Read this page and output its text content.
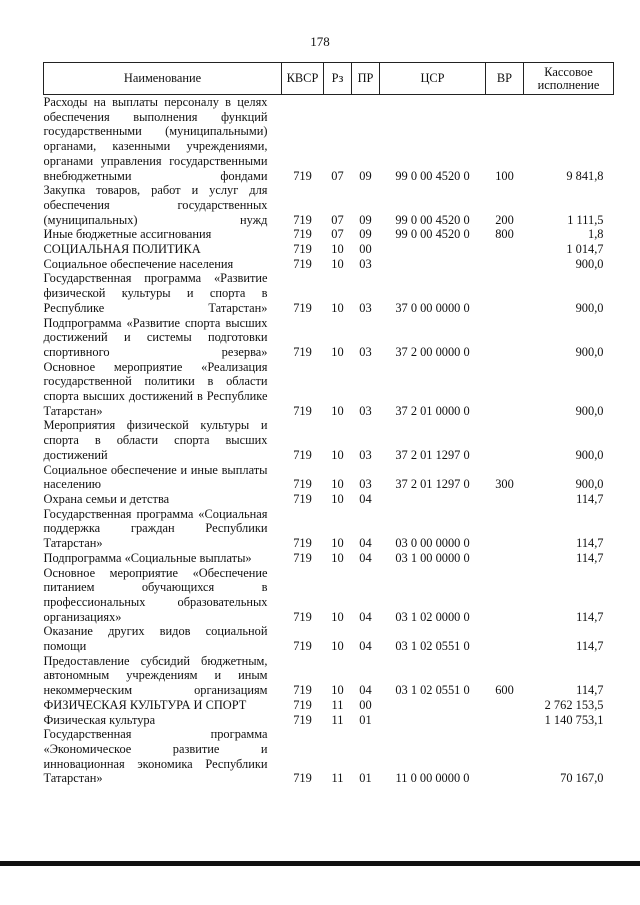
178
Наименование	КВСР	Рз	ПР	ЦСР	ВР	Кассовое исполнение
Расходы на выплаты персоналу в целях обеспечения выполнения функций государственными (муниципальными) органами, казенными учреждениями, органами управления государственными внебюджетными фондами	719	07	09	99 0 00 4520 0	100	9 841,8
Закупка товаров, работ и услуг для обеспечения государственных (муниципальных) нужд	719	07	09	99 0 00 4520 0	200	1 111,5
Иные бюджетные ассигнования	719	07	09	99 0 00 4520 0	800	1,8
СОЦИАЛЬНАЯ ПОЛИТИКА	719	10	00			1 014,7
Социальное обеспечение населения	719	10	03			900,0
Государственная программа «Развитие физической культуры и спорта в Республике Татарстан»	719	10	03	37 0 00 0000 0		900,0
Подпрограмма «Развитие спорта высших достижений и системы подготовки спортивного резерва»	719	10	03	37 2 00 0000 0		900,0
Основное мероприятие «Реализация государственной политики в области спорта высших достижений в Республике Татарстан»	719	10	03	37 2 01 0000 0		900,0
Мероприятия физической культуры и спорта в области спорта высших достижений	719	10	03	37 2 01 1297 0		900,0
Социальное обеспечение и иные выплаты населению	719	10	03	37 2 01 1297 0	300	900,0
Охрана семьи и детства	719	10	04			114,7
Государственная программа «Социальная поддержка граждан Республики Татарстан»	719	10	04	03 0 00 0000 0		114,7
Подпрограмма «Социальные выплаты»	719	10	04	03 1 00 0000 0		114,7
Основное мероприятие «Обеспечение питанием обучающихся в профессиональных образовательных организациях»	719	10	04	03 1 02 0000 0		114,7
Оказание других видов социальной помощи	719	10	04	03 1 02 0551 0		114,7
Предоставление субсидий бюджетным, автономным учреждениям и иным некоммерческим организациям	719	10	04	03 1 02 0551 0	600	114,7
ФИЗИЧЕСКАЯ КУЛЬТУРА И СПОРТ	719	11	00			2 762 153,5
Физическая культура	719	11	01			1 140 753,1
Государственная программа «Экономическое развитие и инновационная экономика Республики Татарстан»	719	11	01	11 0 00 0000 0		70 167,0
